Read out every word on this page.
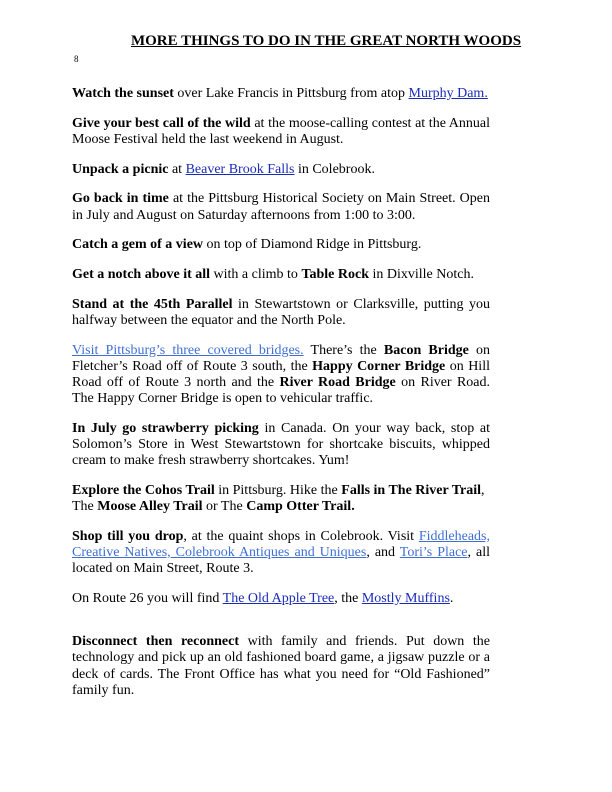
MORE THINGS TO DO IN THE GREAT NORTH WOODS
8

Watch the sunset over Lake Francis in Pittsburg from atop Murphy Dam.

Give your best call of the wild at the moose-calling contest at the Annual Moose Festival held the last weekend in August.

Unpack a picnic at Beaver Brook Falls in Colebrook.

Go back in time at the Pittsburg Historical Society on Main Street. Open in July and August on Saturday afternoons from 1:00 to 3:00.

Catch a gem of a view on top of Diamond Ridge in Pittsburg.

Get a notch above it all with a climb to Table Rock in Dixville Notch.

Stand at the 45th Parallel in Stewartstown or Clarksville, putting you halfway between the equator and the North Pole.

Visit Pittsburg’s three covered bridges. There’s the Bacon Bridge on Fletcher’s Road off of Route 3 south, the Happy Corner Bridge on Hill Road off of Route 3 north and the River Road Bridge on River Road. The Happy Corner Bridge is open to vehicular traffic.

In July go strawberry picking in Canada. On your way back, stop at Solomon’s Store in West Stewartstown for shortcake biscuits, whipped cream to make fresh strawberry shortcakes. Yum!

Explore the Cohos Trail in Pittsburg. Hike the Falls in The River Trail, The Moose Alley Trail or The Camp Otter Trail.

Shop till you drop, at the quaint shops in Colebrook. Visit Fiddleheads, Creative Natives, Colebrook Antiques and Uniques, and Tori’s Place, all located on Main Street, Route 3.

On Route 26 you will find The Old Apple Tree, the Mostly Muffins.

Disconnect then reconnect with family and friends. Put down the technology and pick up an old fashioned board game, a jigsaw puzzle or a deck of cards. The Front Office has what you need for “Old Fashioned” family fun.
